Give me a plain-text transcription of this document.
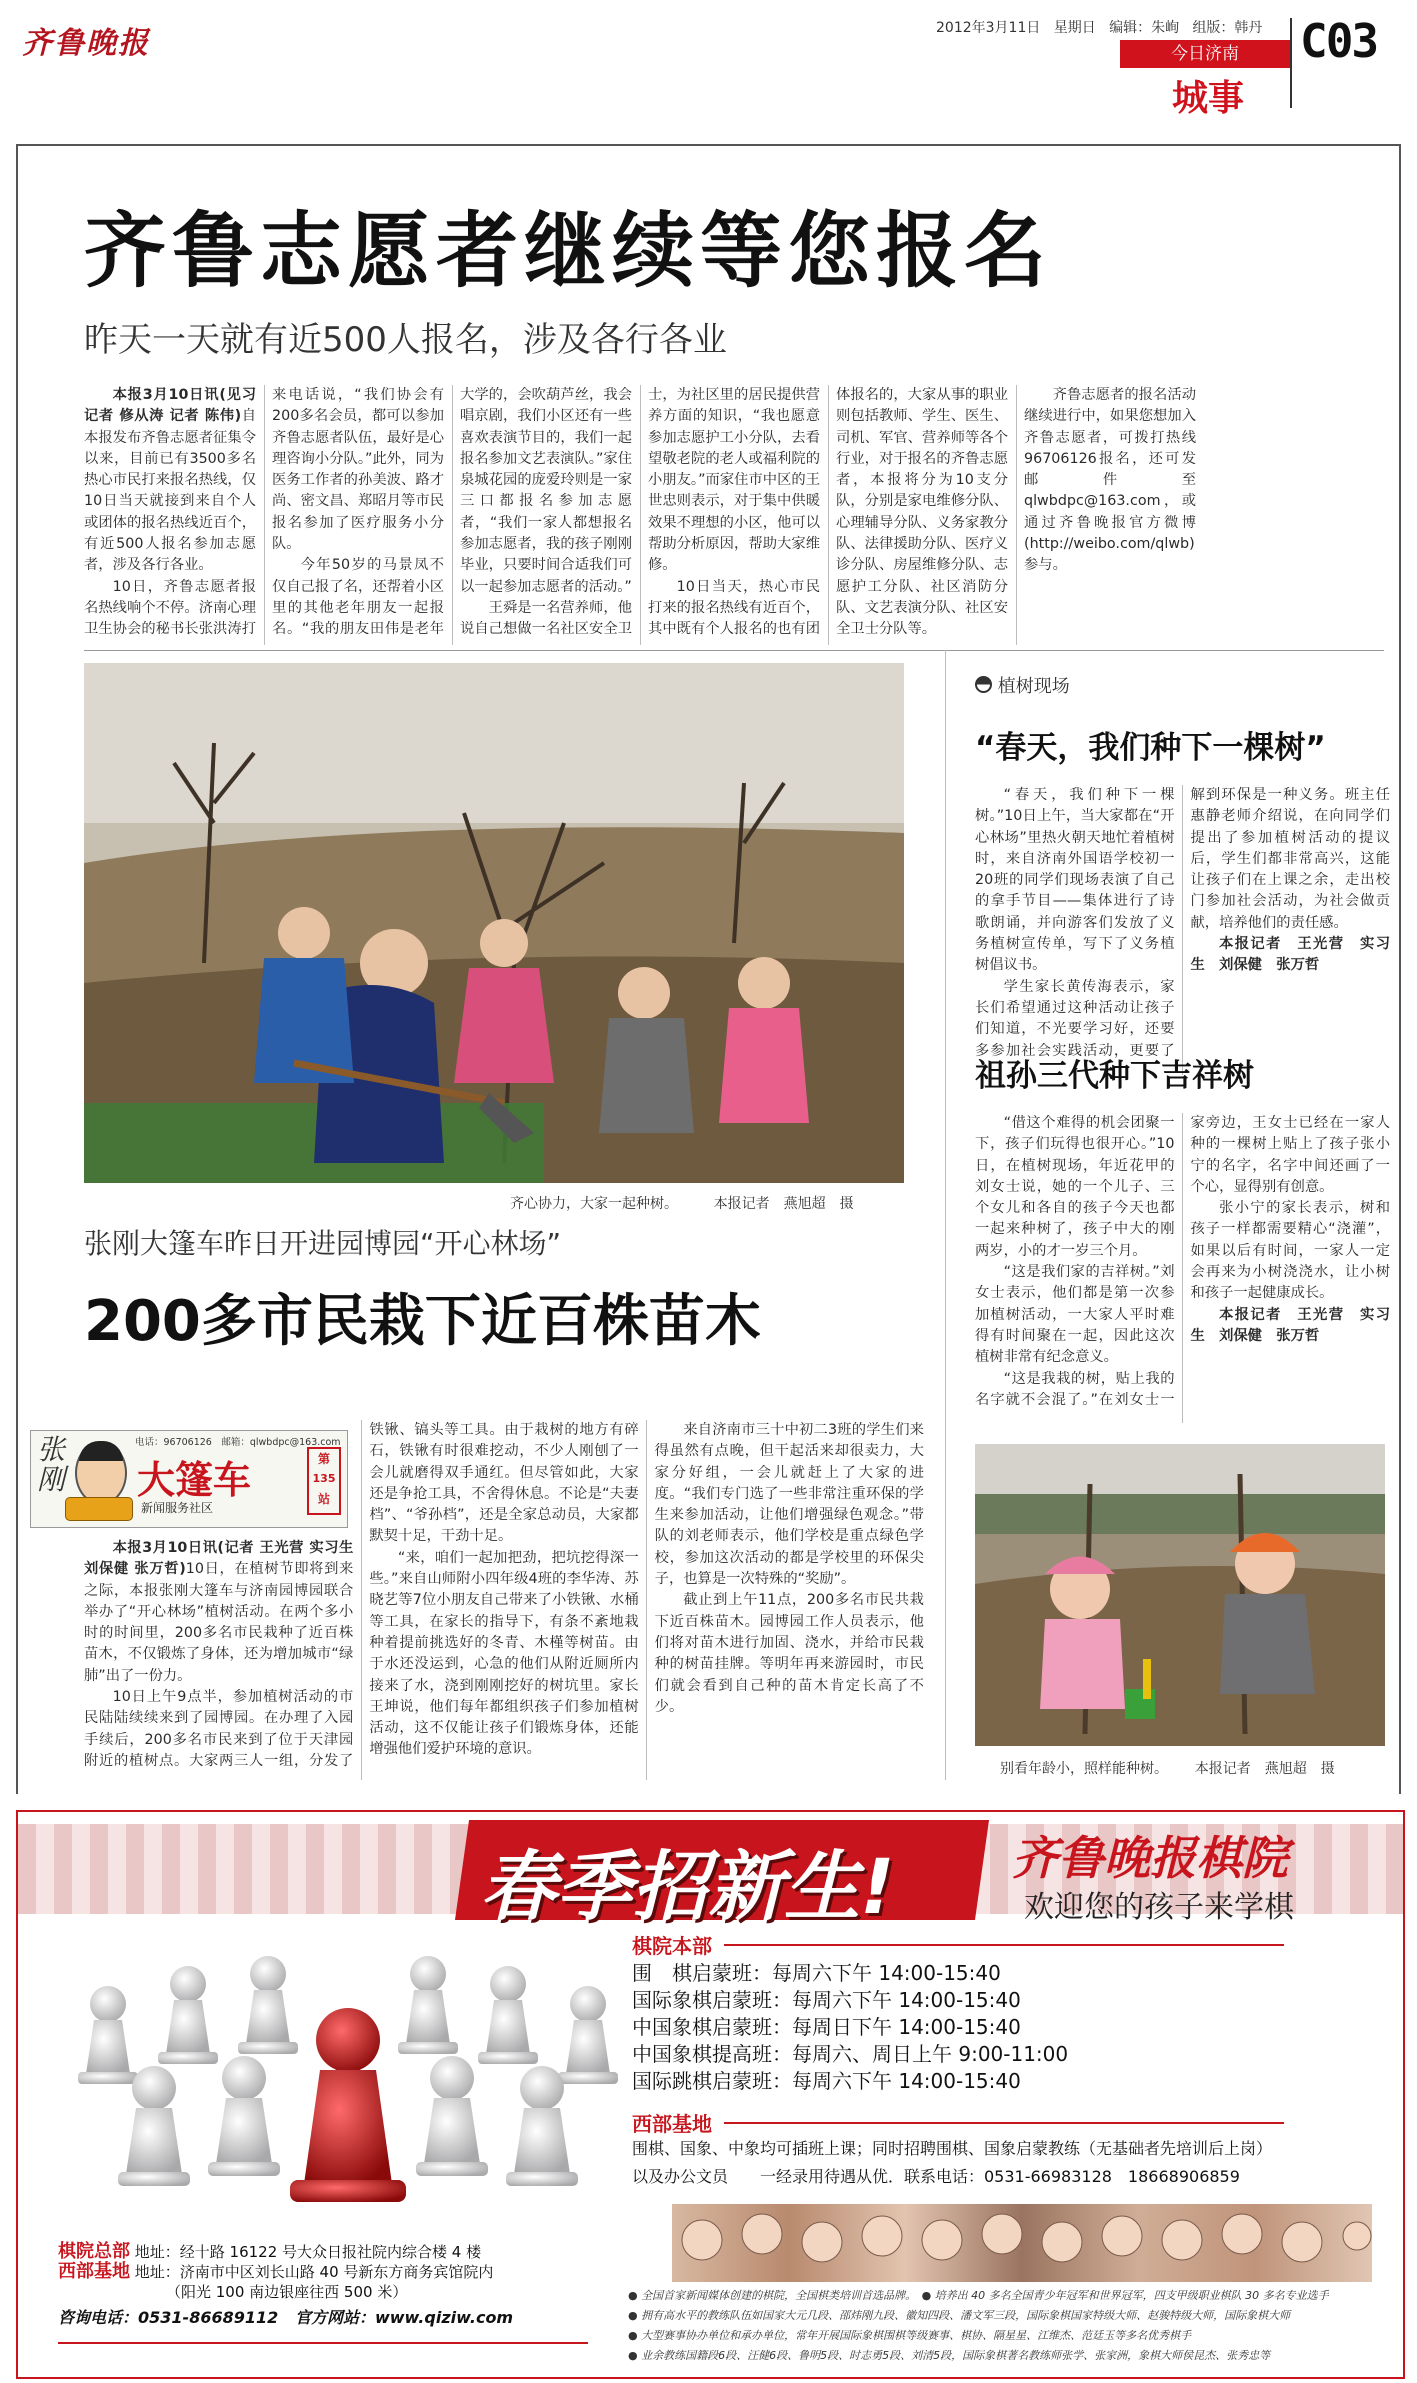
齐鲁晚报	2012年3月11日 星期日 编辑：朱峋 组版：韩丹
今日济南
城事
C03
齐鲁志愿者继续等您报名
昨天一天就有近500人报名，涉及各行各业

本报3月10日讯(见习记者 修从涛 记者 陈伟)自本报发布齐鲁志愿者征集令以来，目前已有3500多名热心市民打来报名热线，仅10日当天就接到来自个人或团体的报名热线近百个，有近500人报名参加志愿者，涉及各行各业。

10日，齐鲁志愿者报名热线响个不停。济南心理卫生协会的秘书长张洪涛打来电话说，“我们协会有200多名会员，都可以参加齐鲁志愿者队伍，最好是心理咨询小分队。”此外，同为医务工作者的孙美波、路才尚、密文昌、郑昭月等市民报名参加了医疗服务小分队。

今年50岁的马景凤不仅自己报了名，还帮着小区里的其他老年朋友一起报名。“我的朋友田伟是老年大学的，会吹葫芦丝，我会唱京剧，我们小区还有一些喜欢表演节目的，我们一起报名参加文艺表演队。”家住泉城花园的庞爱玲则是一家三口都报名参加志愿者，“我们一家人都想报名参加志愿者，我的孩子刚刚毕业，只要时间合适我们可以一起参加志愿者的活动。”

王舜是一名营养师，他说自己想做一名社区安全卫士，为社区里的居民提供营养方面的知识，“我也愿意参加志愿护工小分队，去看望敬老院的老人或福利院的小朋友。”而家住市中区的王世忠则表示，对于集中供暖效果不理想的小区，他可以帮助分析原因，帮助大家维修。

10日当天，热心市民打来的报名热线有近百个，其中既有个人报名的也有团体报名的，大家从事的职业则包括教师、学生、医生、司机、军官、营养师等各个行业，对于报名的齐鲁志愿者，本报将分为10支分队，分别是家电维修分队、心理辅导分队、义务家教分队、法律援助分队、医疗义诊分队、房屋维修分队、志愿护工分队、社区消防分队、文艺表演分队、社区安全卫士分队等。

齐鲁志愿者的报名活动继续进行中，如果您想加入齐鲁志愿者，可拨打热线96706126报名，还可发邮件至qlwbdpc@163.com，或通过齐鲁晚报官方微博(http://weibo.com/qlwb)参与。

齐心协力，大家一起种树。	本报记者　燕旭超　摄
植树现场
“春天，我们种下一棵树”

“春天，我们种下一棵树。”10日上午，当大家都在“开心林场”里热火朝天地忙着植树时，来自济南外国语学校初一20班的同学们现场表演了自己的拿手节目——集体进行了诗歌朗诵，并向游客们发放了义务植树宣传单，写下了义务植树倡议书。

学生家长黄传海表示，家长们希望通过这种活动让孩子们知道，不光要学习好，还要多参加社会实践活动，更要了解到环保是一种义务。班主任惠静老师介绍说，在向同学们提出了参加植树活动的提议后，学生们都非常高兴，这能让孩子们在上课之余，走出校门参加社会活动，为社会做贡献，培养他们的责任感。

本报记者　王光营　实习生　刘保健　张万哲

祖孙三代种下吉祥树

“借这个难得的机会团聚一下，孩子们玩得也很开心。”10日，在植树现场，年近花甲的刘女士说，她的一个儿子、三个女儿和各自的孩子今天也都一起来种树了，孩子中大的刚两岁，小的才一岁三个月。

“这是我们家的吉祥树。”刘女士表示，他们都是第一次参加植树活动，一大家人平时难得有时间聚在一起，因此这次植树非常有纪念意义。

“这是我栽的树，贴上我的名字就不会混了。”在刘女士一家旁边，王女士已经在一家人种的一棵树上贴上了孩子张小宁的名字，名字中间还画了一个心，显得别有创意。

张小宁的家长表示，树和孩子一样都需要精心“浇灌”，如果以后有时间，一家人一定会再来为小树浇浇水，让小树和孩子一起健康成长。

本报记者　王光营　实习生　刘保健　张万哲

别看年龄小，照样能种树。 本报记者　燕旭超　摄
张刚大篷车昨日开进园博园“开心林场”
200多市民栽下近百株苗木
张刚
电话：96706126　邮箱：qlwbdpc@163.com
大篷车
新闻服务社区
第
135
站

本报3月10日讯(记者 王光营 实习生 刘保健 张万哲)10日，在植树节即将到来之际，本报张刚大篷车与济南园博园联合举办了“开心林场”植树活动。在两个多小时的时间里，200多名市民栽种了近百株苗木，不仅锻炼了身体，还为增加城市“绿肺”出了一份力。

10日上午9点半，参加植树活动的市民陆陆续续来到了园博园。在办理了入园手续后，200多名市民来到了位于天津园附近的植树点。大家两三人一组，分发了铁锹、镐头等工具。由于栽树的地方有碎石，铁锹有时很难挖动，不少人刚刨了一会儿就磨得双手通红。但尽管如此，大家还是争抢工具，不舍得休息。不论是“夫妻档”、“爷孙档”，还是全家总动员，大家都默契十足，干劲十足。

“来，咱们一起加把劲，把坑挖得深一些。”来自山师附小四年级4班的李华涛、苏晓艺等7位小朋友自己带来了小铁锹、水桶等工具，在家长的指导下，有条不紊地栽种着提前挑选好的冬青、木槿等树苗。由于水还没运到，心急的他们从附近厕所内接来了水，浇到刚刚挖好的树坑里。家长王坤说，他们每年都组织孩子们参加植树活动，这不仅能让孩子们锻炼身体，还能增强他们爱护环境的意识。

来自济南市三十中初二3班的学生们来得虽然有点晚，但干起活来却很卖力，大家分好组，一会儿就赶上了大家的进度。“我们专门选了一些非常注重环保的学生来参加活动，让他们增强绿色观念。”带队的刘老师表示，他们学校是重点绿色学校，参加这次活动的都是学校里的环保尖子，也算是一次特殊的“奖励”。

截止到上午11点，200多名市民共栽下近百株苗木。园博园工作人员表示，他们将对苗木进行加固、浇水，并给市民栽种的树苗挂牌。等明年再来游园时，市民们就会看到自己种的苗木肯定长高了不少。

春季招新生!	齐鲁晚报棋院
欢迎您的孩子来学棋
棋院本部
围　棋启蒙班：每周六下午 14:00-15:40
国际象棋启蒙班：每周六下午 14:00-15:40
中国象棋启蒙班：每周日下午 14:00-15:40
中国象棋提高班：每周六、周日上午 9:00-11:00
国际跳棋启蒙班：每周六下午 14:00-15:40
西部基地
围棋、国象、中象均可插班上课；同时招聘围棋、国象启蒙教练（无基础者先培训后上岗）
以及办公文员　　一经录用待遇从优．联系电话：0531-66983128　18668906859
棋院总部 地址：经十路 16122 号大众日报社院内综合楼 4 楼
西部基地 地址：济南市中区刘长山路 40 号新东方商务宾馆院内
（阳光 100 南边银座往西 500 米）
咨询电话：0531-86689112 官方网站：www.qiziw.com
● 全国首家新闻媒体创建的棋院，全国棋类培训首选品牌。　● 培养出 40 多名全国青少年冠军和世界冠军，四支甲级职业棋队 30 多名专业选手
● 拥有高水平的教练队伍如国家大元几段、邵炜刚九段、徽知四段、潘文军三段，国际象棋国家特级大师、赵骏特级大师，国际象棋大师
● 大型赛事协办单位和承办单位，常年开展国际象棋围棋等级赛事、棋协、隔星星、江维杰、范廷玉等多名优秀棋手
● 业余教练国籍段6段、汪健6段、鲁明5段、时志勇5段、刘清5段，国际象棋著名教练师张学、张家洲，象棋大师侯昆杰、张秀忠等
